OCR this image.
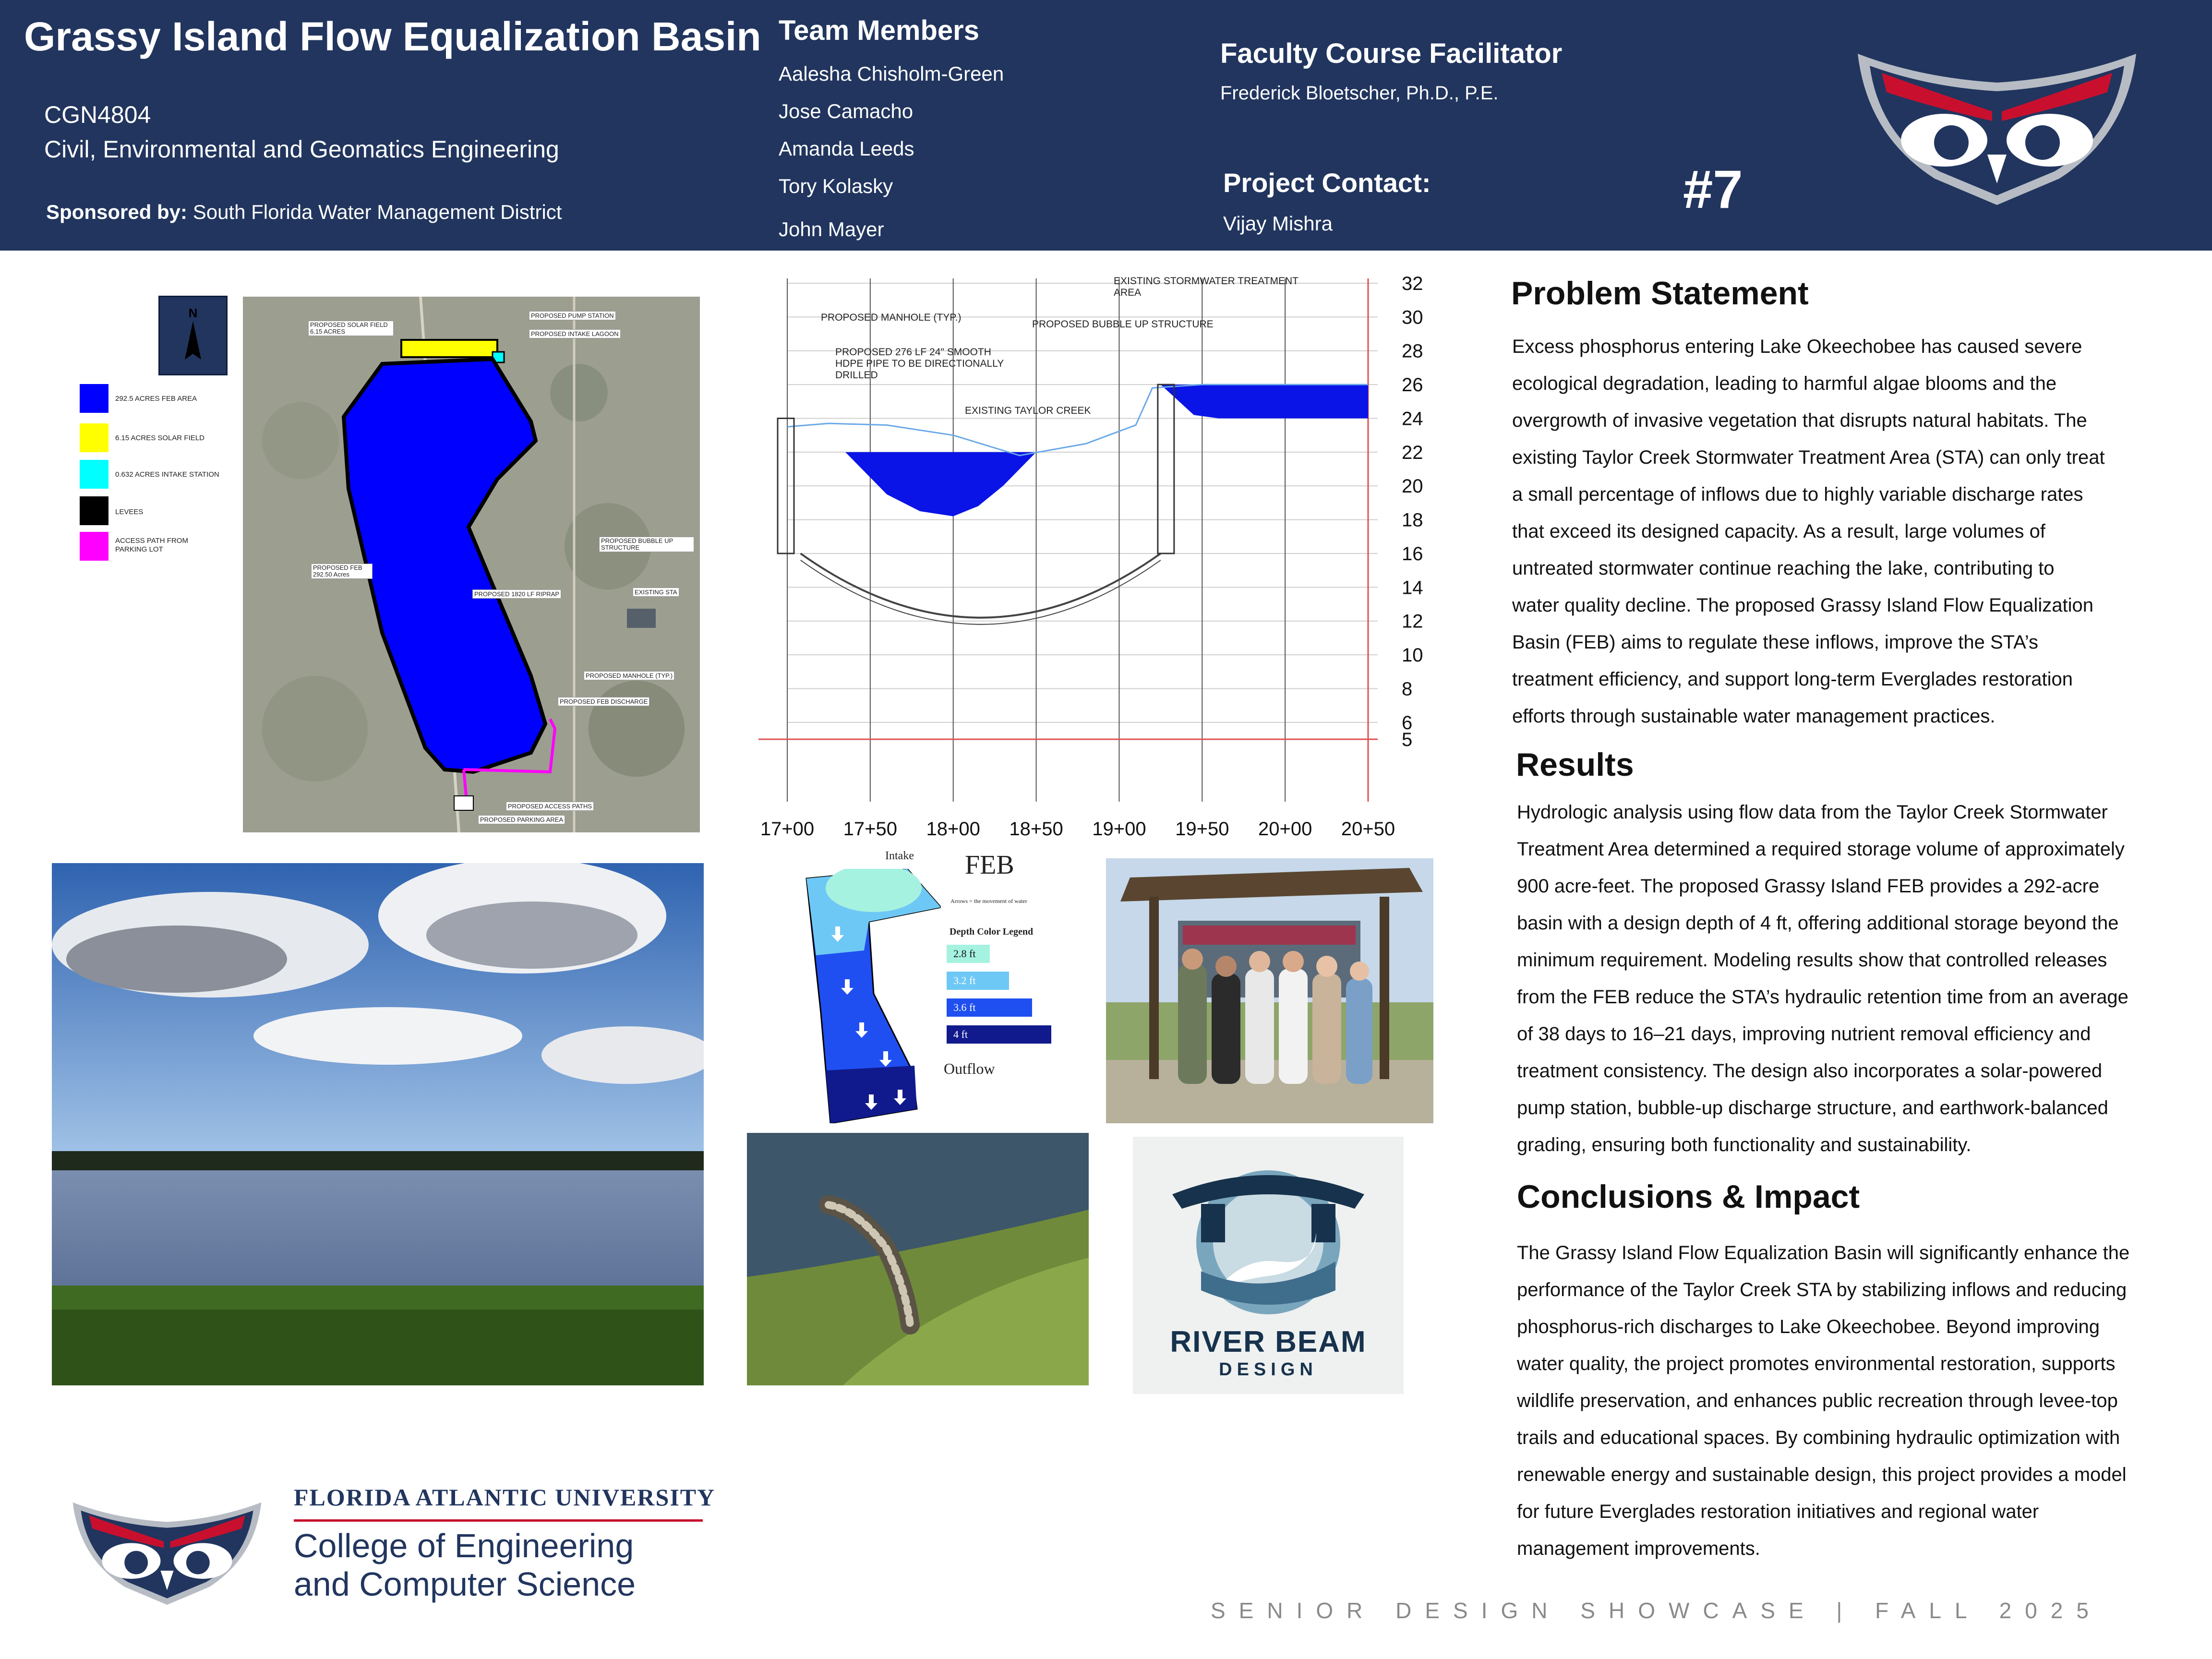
Grassy Island Flow Equalization Basin
CGN4804
Civil, Environmental and Geomatics Engineering
Sponsored by: South Florida Water Management District
Team Members
Aalesha Chisholm-Green
Jose Camacho
Amanda Leeds
Tory Kolasky
John Mayer
Faculty Course Facilitator
Frederick Bloetscher, Ph.D., P.E.
Project Contact:
Vijay Mishra
#7
N
292.5 ACRES FEB AREA
6.15 ACRES SOLAR FIELD
0.632 ACRES INTAKE STATION
LEVEES
ACCESS PATH FROM PARKING LOT
PROPOSED SOLAR FIELD 6.15 ACRES
PROPOSED PUMP STATION
PROPOSED INTAKE LAGOON
PROPOSED FEB 292.50 Acres
PROPOSED BUBBLE UP STRUCTURE
EXISTING STA
PROPOSED 1820 LF RIPRAP
PROPOSED MANHOLE (TYP.)
PROPOSED FEB DISCHARGE
PROPOSED ACCESS PATHS
PROPOSED PARKING AREA
32
30
28
26
24
22
20
18
16
14
12
10
8
6
5
17+00 17+50 18+00 18+50 19+00 19+50 20+00 20+50
PROPOSED MANHOLE (TYP.)
PROPOSED 276 LF 24" SMOOTH HDPE PIPE TO BE DIRECTIONALLY DRILLED
EXISTING TAYLOR CREEK
PROPOSED BUBBLE UP STRUCTURE
EXISTING STORMWATER TREATMENT AREA
Intake FEB
Arrows = the movement of water
Depth Color Legend
2.8 ft
3.2 ft
3.6 ft
4 ft
Outflow
RIVER BEAM
DESIGN
Problem Statement
Excess phosphorus entering Lake Okeechobee has caused severe
ecological degradation, leading to harmful algae blooms and the
overgrowth of invasive vegetation that disrupts natural habitats. The
existing Taylor Creek Stormwater Treatment Area (STA) can only treat
a small percentage of inflows due to highly variable discharge rates
that exceed its designed capacity. As a result, large volumes of
untreated stormwater continue reaching the lake, contributing to
water quality decline. The proposed Grassy Island Flow Equalization
Basin (FEB) aims to regulate these inflows, improve the STA’s
treatment efficiency, and support long-term Everglades restoration
efforts through sustainable water management practices.
Results
Hydrologic analysis using flow data from the Taylor Creek Stormwater
Treatment Area determined a required storage volume of approximately
900 acre-feet. The proposed Grassy Island FEB provides a 292-acre
basin with a design depth of 4 ft, offering additional storage beyond the
minimum requirement. Modeling results show that controlled releases
from the FEB reduce the STA’s hydraulic retention time from an average
of 38 days to 16–21 days, improving nutrient removal efficiency and
treatment consistency. The design also incorporates a solar-powered
pump station, bubble-up discharge structure, and earthwork-balanced
grading, ensuring both functionality and sustainability.
Conclusions & Impact
The Grassy Island Flow Equalization Basin will significantly enhance the
performance of the Taylor Creek STA by stabilizing inflows and reducing
phosphorus-rich discharges to Lake Okeechobee. Beyond improving
water quality, the project promotes environmental restoration, supports
wildlife preservation, and enhances public recreation through levee-top
trails and educational spaces. By combining hydraulic optimization with
renewable energy and sustainable design, this project provides a model
for future Everglades restoration initiatives and regional water
management improvements.
FLORIDA ATLANTIC UNIVERSITY
College of Engineering
and Computer Science
SENIOR DESIGN SHOWCASE | FALL 2025
